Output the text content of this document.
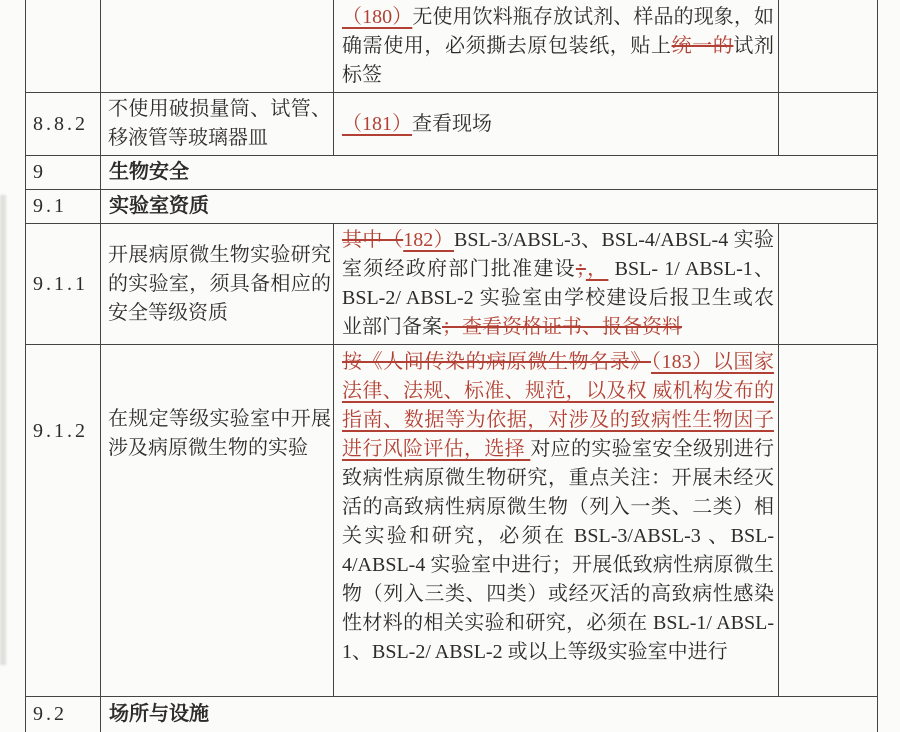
		（180）无使用饮料瓶存放试剂、样品的现象，如确需使用，必须撕去原包装纸，贴上统一的试剂标签	
8.8.2	不使用破损量筒、试管、移液管等玻璃器皿	（181）查看现场	
9	生物安全		
9.1	实验室资质		
9.1.1	开展病原微生物实验研究的实验室，须具备相应的安全等级资质	其中（182）BSL-3/ABSL-3、BSL-4/ABSL-4 实验室须经政府部门批准建设；， BSL- 1/ ABSL-1、BSL-2/ ABSL-2 实验室由学校建设后报卫生或农业部门备案；查看资格证书、报备资料	
9.1.2	在规定等级实验室中开展涉及病原微生物的实验	按《人间传染的病原微生物名录》（183）以国家法律、法规、标准、规范，以及权 威机构发布的指南、数据等为依据，对涉及的致病性生物因子进行风险评估，选择 对应的实验室安全级别进行致病性病原微生物研究，重点关注：开展未经灭活的高致病性病原微生物（列入一类、二类）相关实验和研究，必须在 BSL-3/ABSL-3 、BSL-4/ABSL-4 实验室中进行；开展低致病性病原微生物（列入三类、四类）或经灭活的高致病性感染性材料的相关实验和研究，必须在 BSL-1/ ABSL-1、BSL-2/ ABSL-2 或以上等级实验室中进行	
9.2	场所与设施		
